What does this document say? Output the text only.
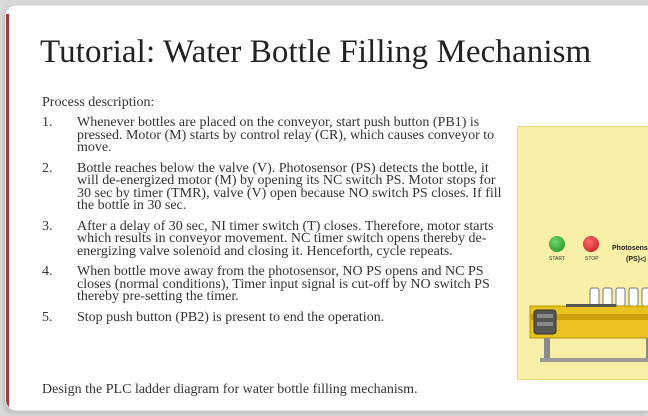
Tutorial: Water Bottle Filling Mechanism
Process description:
1.	Whenever bottles are placed on the conveyor, start push button (PB1) is pressed. Motor (M) starts by control relay (CR), which causes conveyor to move.
2.	Bottle reaches below the valve (V). Photosensor (PS) detects the bottle, it will de-energized motor (M) by opening its NC switch PS. Motor stops for 30 sec by timer (TMR), valve (V) open because NO switch PS closes. If fill the bottle in 30 sec.
3.	After a delay of 30 sec, NI timer switch (T) closes. Therefore, motor starts which results in conveyor movement. NC timer switch opens thereby de-energizing valve solenoid and closing it. Henceforth, cycle repeats.
4.	When bottle move away from the photosensor, NO PS opens and NC PS closes (normal conditions), Timer input signal is cut-off by NO switch PS thereby pre-setting the timer.
5.	Stop push button (PB2) is present to end the operation.
START	STOP
Photosens
(PS)◁
Design the PLC ladder diagram for water bottle filling mechanism.
